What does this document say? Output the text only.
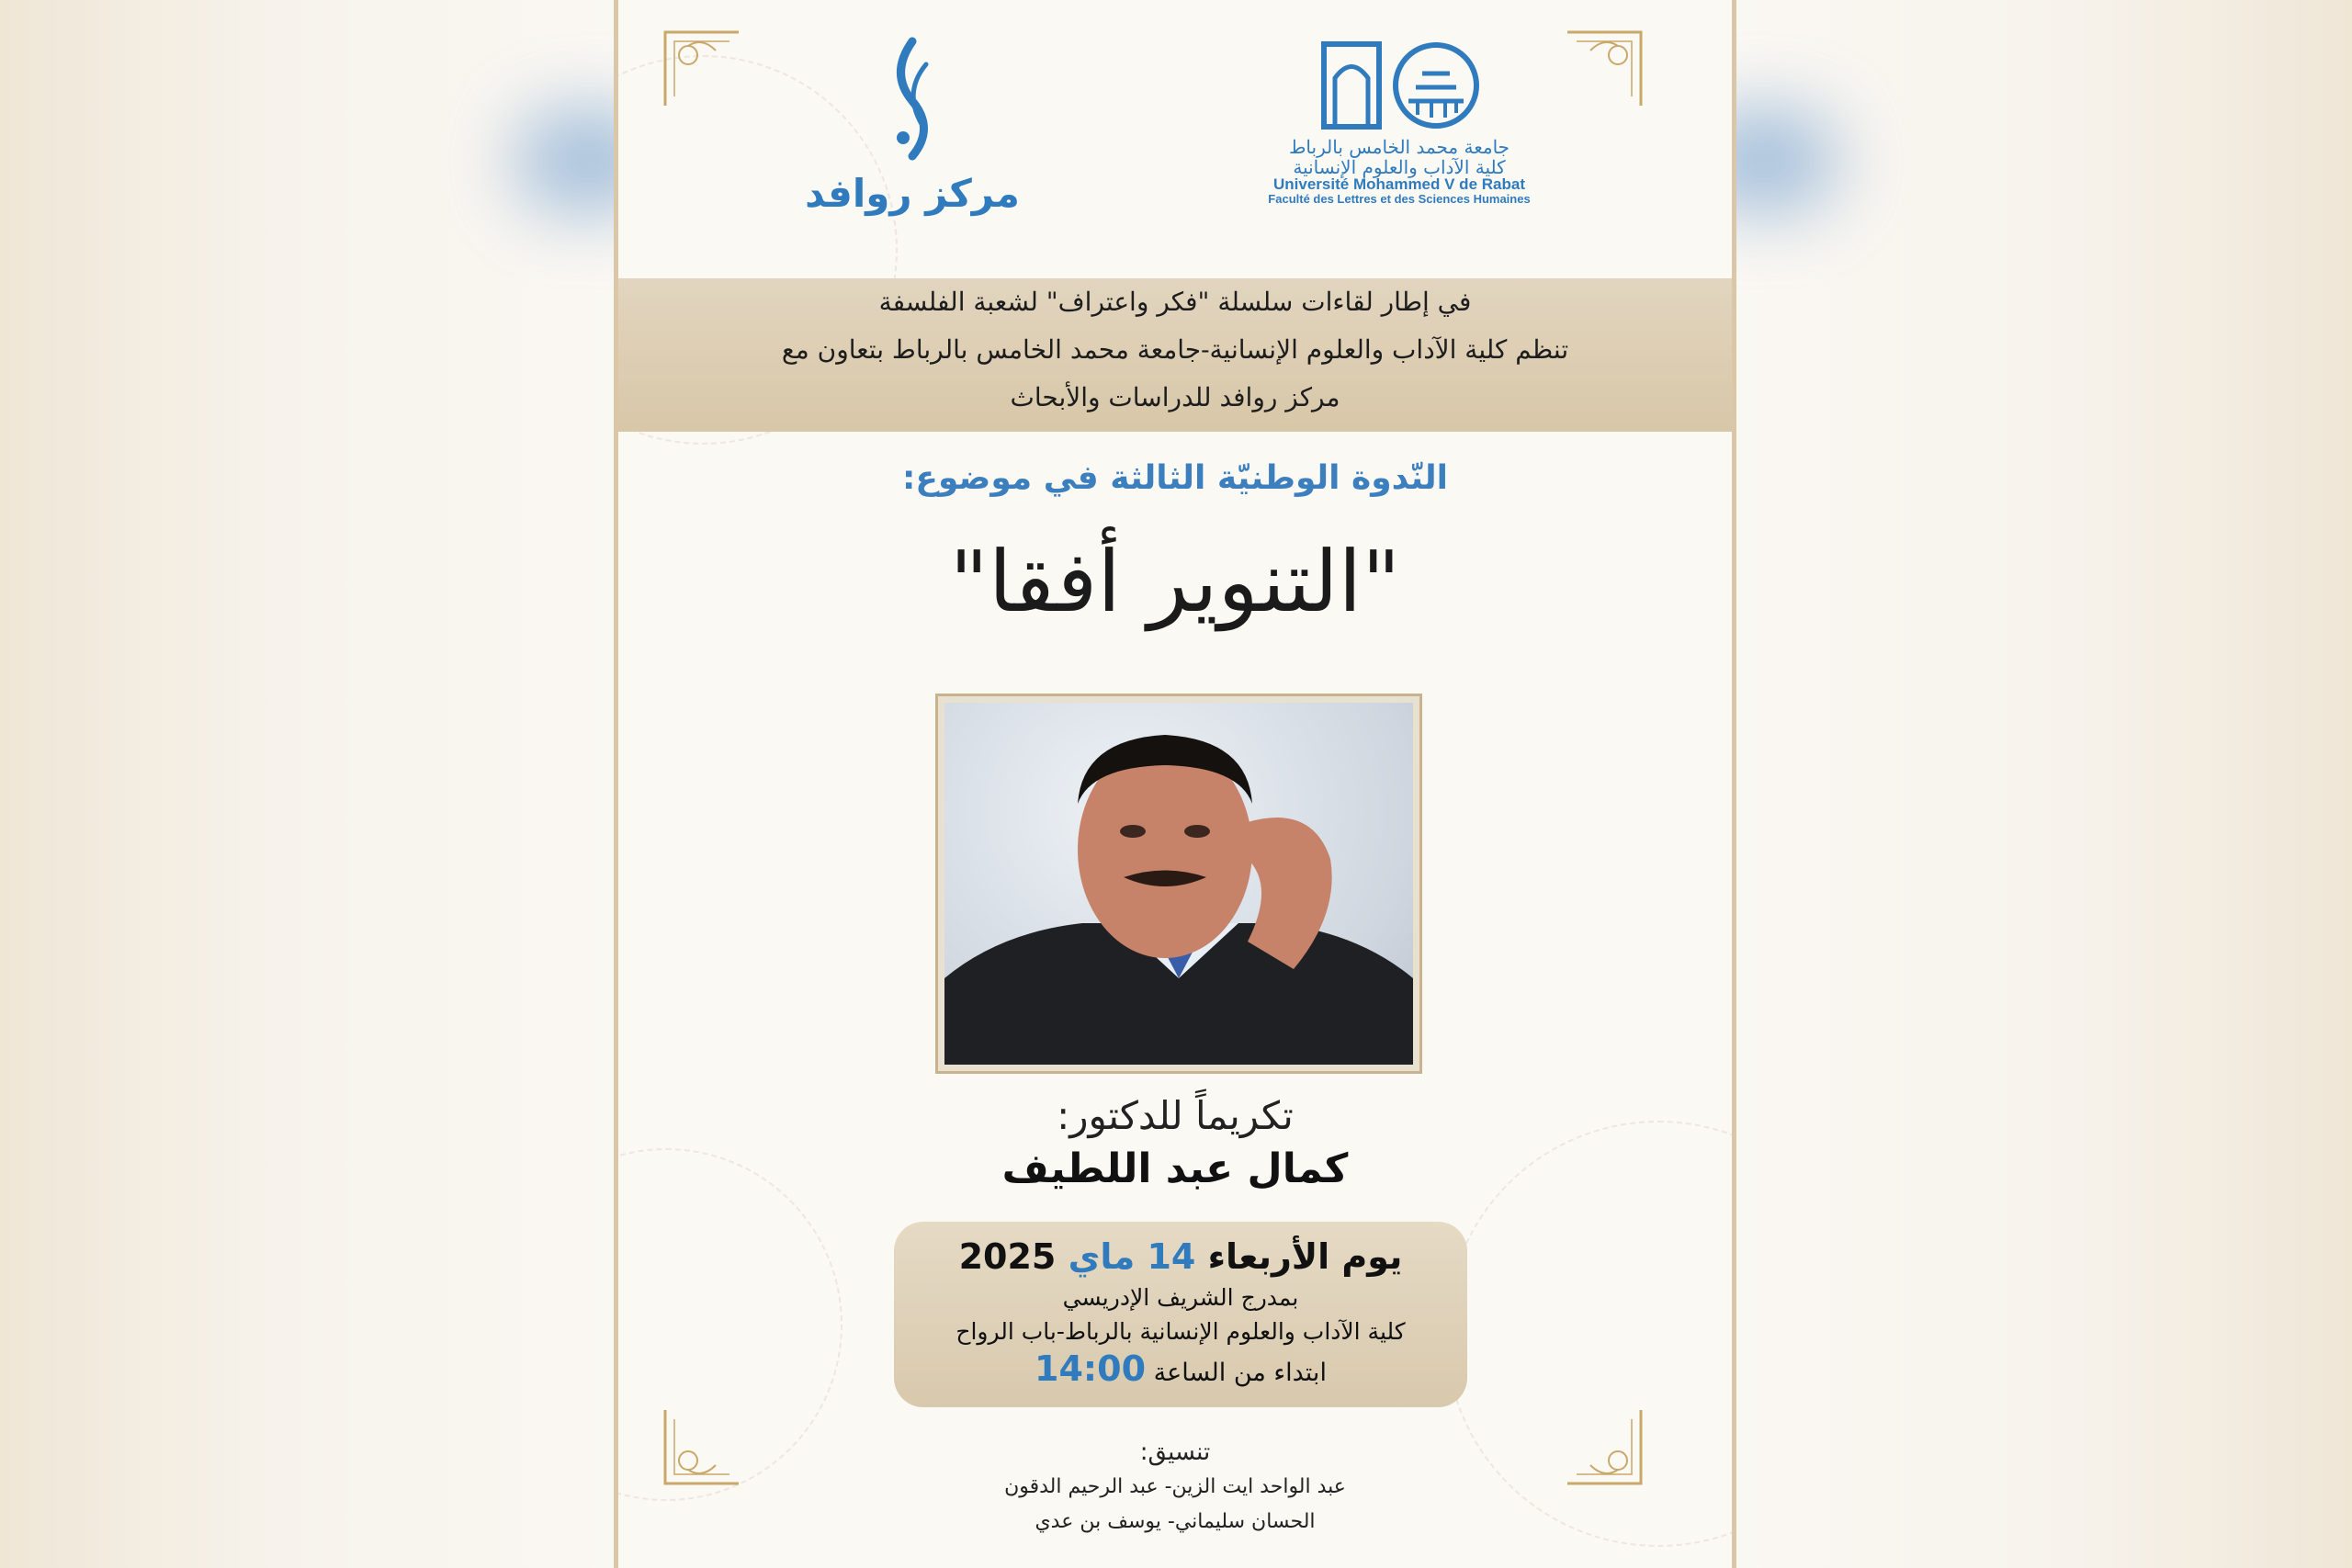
مركز روافد
جامعة محمد الخامس بالرباط
كلية الآداب والعلوم الإنسانية
Université Mohammed V de Rabat
Faculté des Lettres et des Sciences Humaines
في إطار لقاءات سلسلة "فكر واعتراف" لشعبة الفلسفة
تنظم كلية الآداب والعلوم الإنسانية-جامعة محمد الخامس بالرباط بتعاون مع
مركز روافد للدراسات والأبحاث
النّدوة الوطنيّة الثالثة في موضوع:
"التنوير أفقا"
تكريماً للدكتور:
كمال عبد اللطيف
يوم الأربعاء 14 ماي 2025
بمدرج الشريف الإدريسي
كلية الآداب والعلوم الإنسانية بالرباط-باب الرواح
ابتداء من الساعة 14:00
تنسيق:
عبد الواحد ايت الزين- عبد الرحيم الدقون
الحسان سليماني- يوسف بن عدي
